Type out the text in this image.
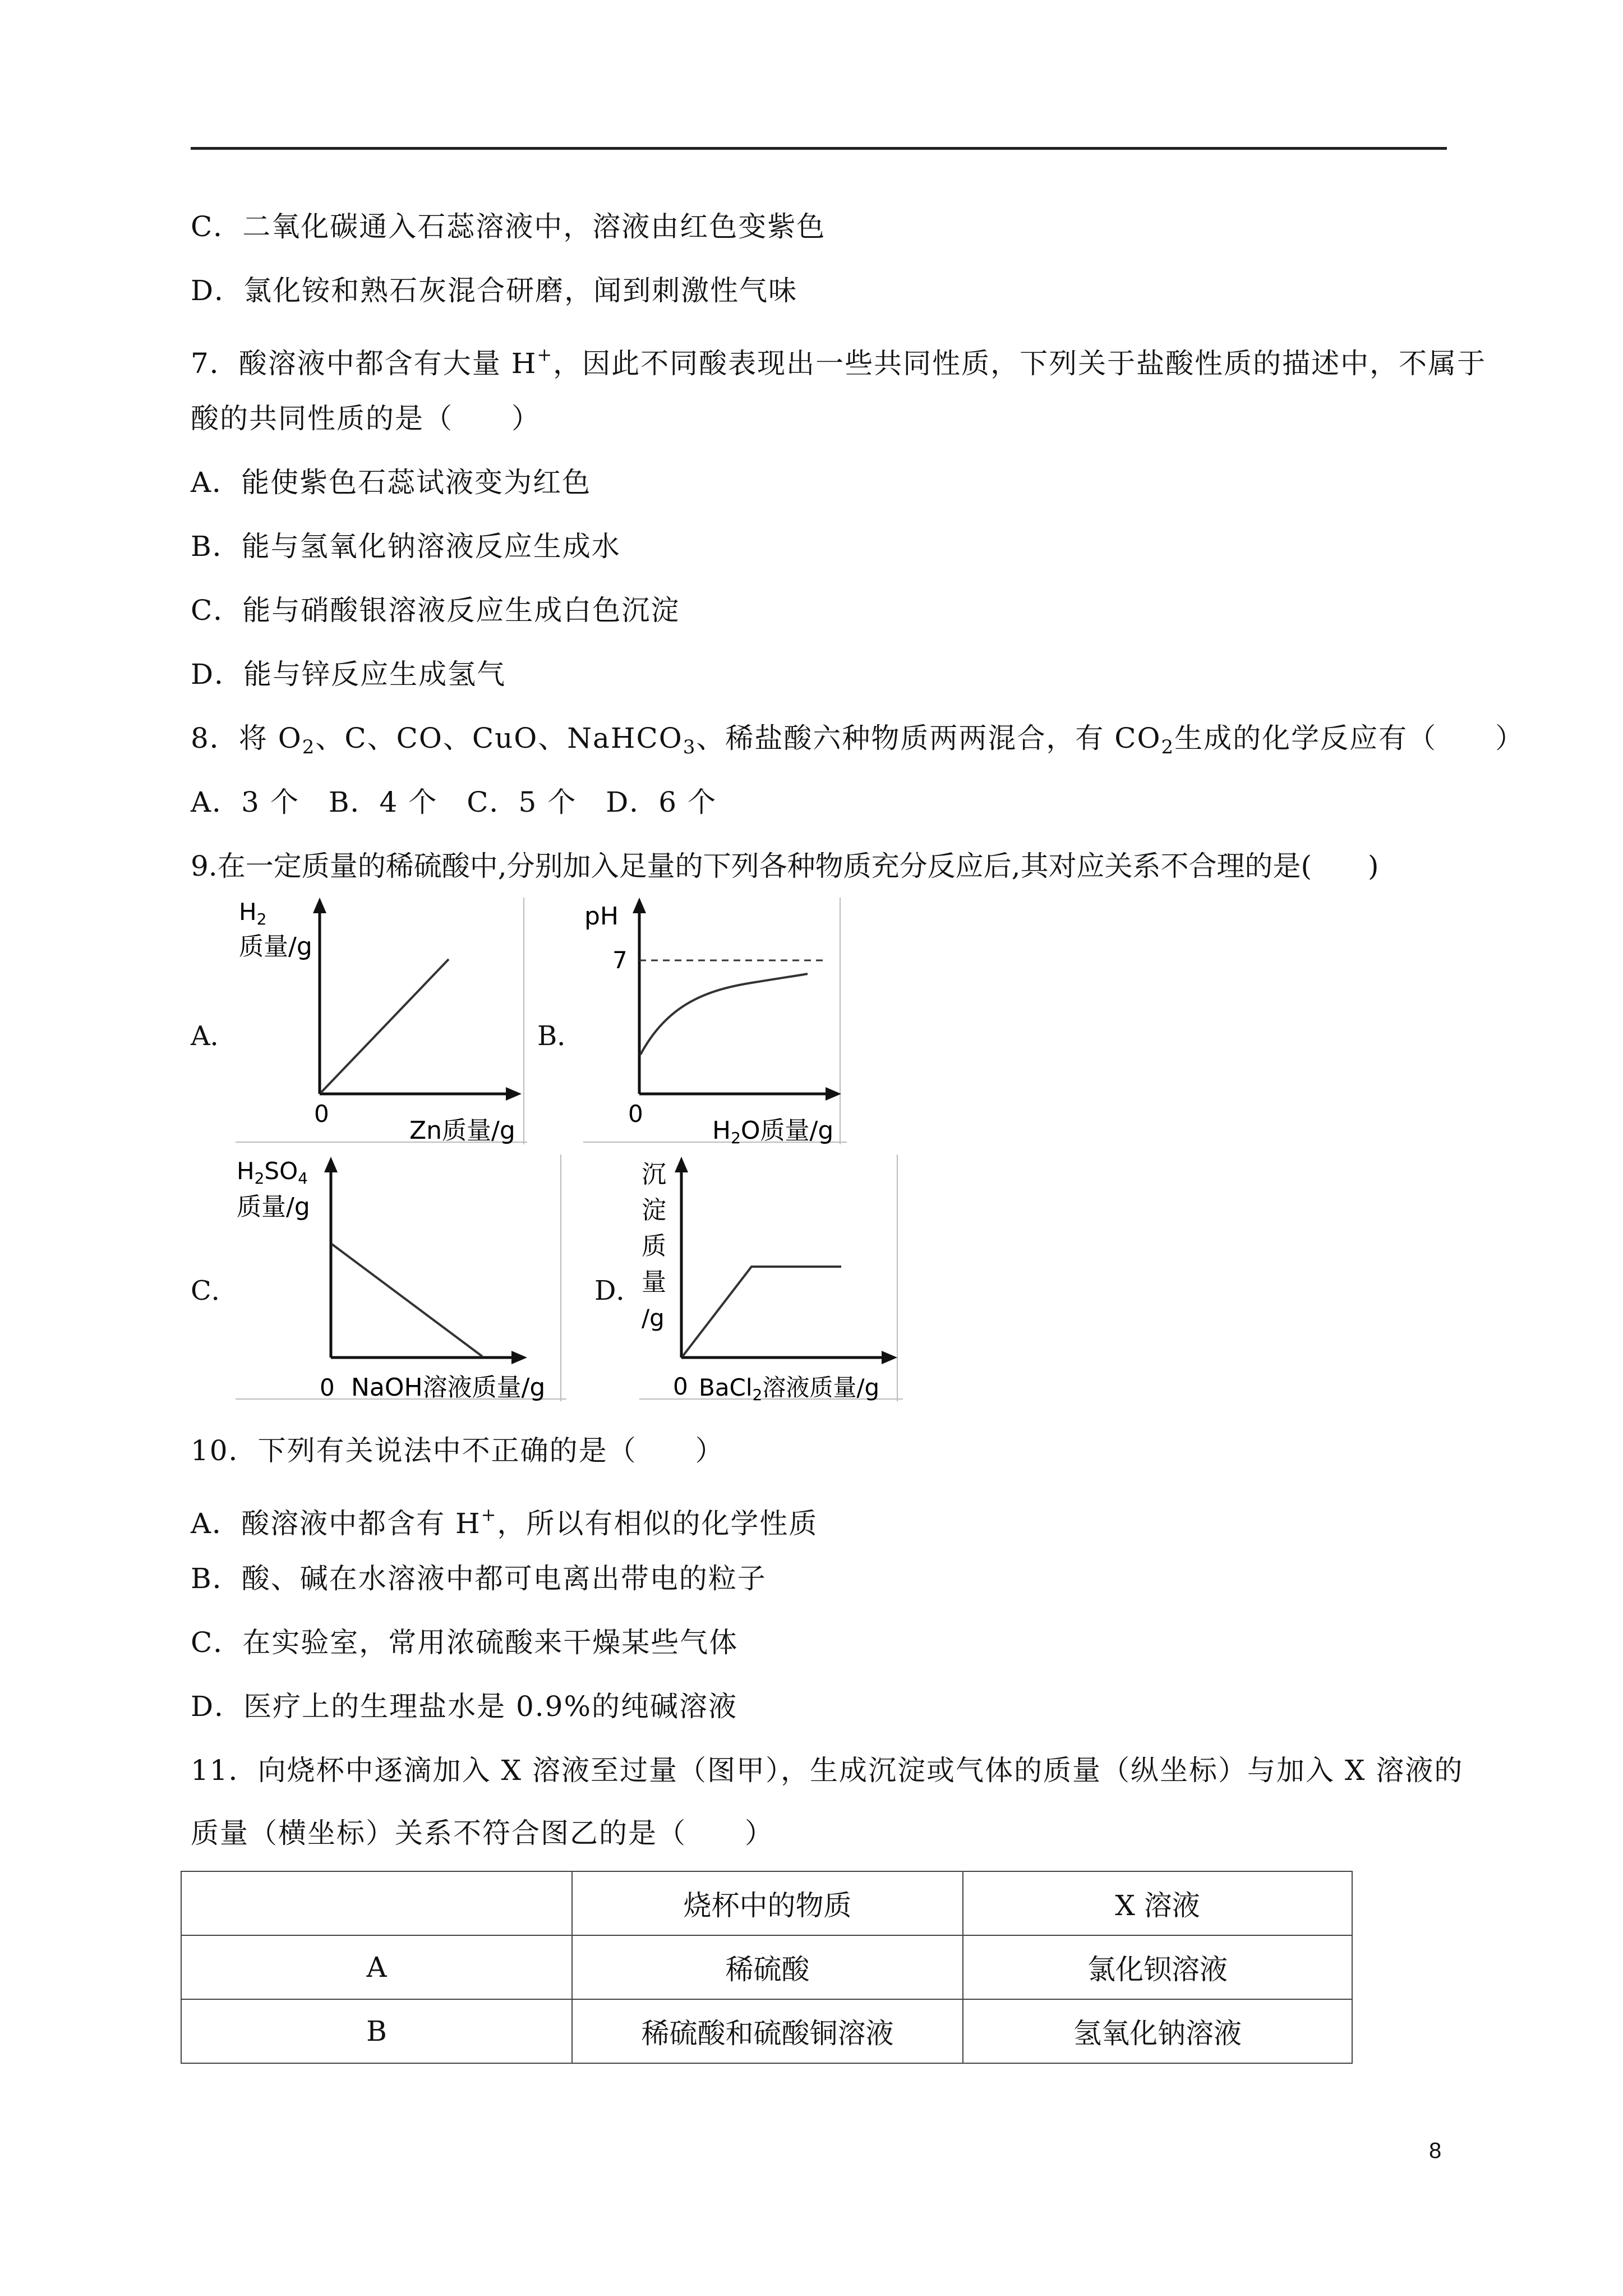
C．二氧化碳通入石蕊溶液中，溶液由红色变紫色
D．氯化铵和熟石灰混合研磨，闻到刺激性气味
7．酸溶液中都含有大量 H+，因此不同酸表现出一些共同性质，下列关于盐酸性质的描述中，不属于
酸的共同性质的是（　　）
A．能使紫色石蕊试液变为红色
B．能与氢氧化钠溶液反应生成水
C．能与硝酸银溶液反应生成白色沉淀
D．能与锌反应生成氢气
8．将 $O_2$、C、CO、CuO、NaHCO$_3$、稀盐酸六种物质两两混合，有 $CO_2$生成的化学反应有（　　）
A．3 个　B．4 个　C．5 个　D．6 个
9.在一定质量的稀硫酸中,分别加入足量的下列各种物质充分反应后,其对应关系不合理的是(　　)
A．	B．
C．	D．
H2
质量/g
0
Zn质量/g
pH
7
0
H2O质量/g
H2SO4
质量/g
0 NaOH溶液质量/g
沉
淀
质
量
/g
0 BaCl2溶液质量/g
10．下列有关说法中不正确的是（　　）
A．酸溶液中都含有 H+，所以有相似的化学性质
B．酸、碱在水溶液中都可电离出带电的粒子
C．在实验室，常用浓硫酸来干燥某些气体
D．医疗上的生理盐水是 0.9%的纯碱溶液
11．向烧杯中逐滴加入 X 溶液至过量（图甲），生成沉淀或气体的质量（纵坐标）与加入 X 溶液的
质量（横坐标）关系不符合图乙的是（　　）
	烧杯中的物质	X 溶液
A	稀硫酸	氯化钡溶液
B	稀硫酸和硫酸铜溶液	氢氧化钠溶液
8
